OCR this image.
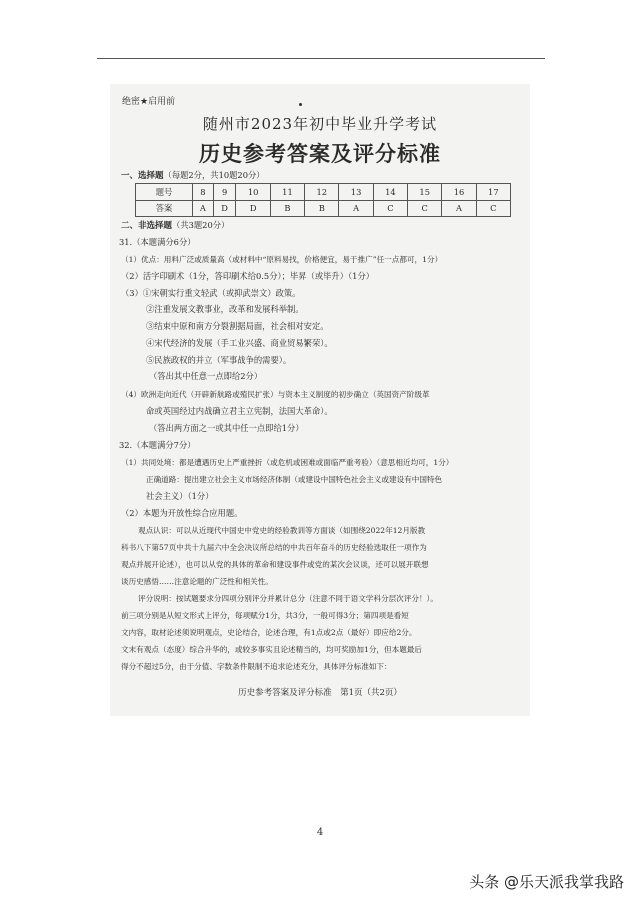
绝密★启用前
随州市2023年初中毕业升学考试
历史参考答案及评分标准
一、选择题（每题2分，共10题20分）
题号	8	9	10	11	12	13	14	15	16	17
答案	A	D	D	B	B	A	C	C	A	C
二、非选择题（共3题20分）
31.（本题满分6分）
（1）优点：用料广泛或质量高（或材料中“原料易找，价格便宜，易于推广”任一点都可，1分）
（2）活字印刷术（1分，答印刷术给0.5分）；毕昇（或毕升）（1分）
（3）①宋朝实行重文轻武（或抑武崇文）政策。
②注重发展文教事业，改革和发展科举制。
③结束中原和南方分裂割据局面，社会相对安定。
④宋代经济的发展（手工业兴盛、商业贸易繁荣）。
⑤民族政权的并立（军事战争的需要）。
（答出其中任意一点即给2分）
（4）欧洲走向近代（开辟新航路或殖民扩张）与资本主义制度的初步确立（英国资产阶级革
命或英国经过内战确立君主立宪制，法国大革命）。
（答出两方面之一或其中任一点即给1分）
32.（本题满分7分）
（1）共同处境：都是遭遇历史上严重挫折（或危机或困难或面临严重考验）（意思相近均可，1分）
正确道路：提出建立社会主义市场经济体制（或建设中国特色社会主义或建设有中国特色
社会主义）（1分）
（2）本题为开放性综合应用题。
观点认识：可以从近现代中国史中党史的经验教训等方面谈（如围绕2022年12月版教
科书八下第57页中共十九届六中全会决议所总结的中共百年奋斗的历史经验选取任一项作为
观点并展开论述），也可以从党的具体的革命和建设事件或党的某次会议谈，还可以展开联想
谈历史感悟……注意论题的广泛性和相关性。
评分说明：按试题要求分四项分别评分并累计总分（注意不同于语文学科分层次评分！）。
前三项分别是从短文形式上评分，每项赋分1分，共3分，一般可得3分；第四项是看短
文内容，取材论述须说明观点，史论结合，论述合理，有1点或2点（最好）即应给2分。
文末有观点（态度）综合升华的，或较多事实且论述精当的，均可奖励加1分，但本题最后
得分不超过5分，由于分值、字数条件限制不追求论述充分，具体评分标准如下：
历史参考答案及评分标准　第1页（共2页）
4
头条 @乐天派我掌我路
